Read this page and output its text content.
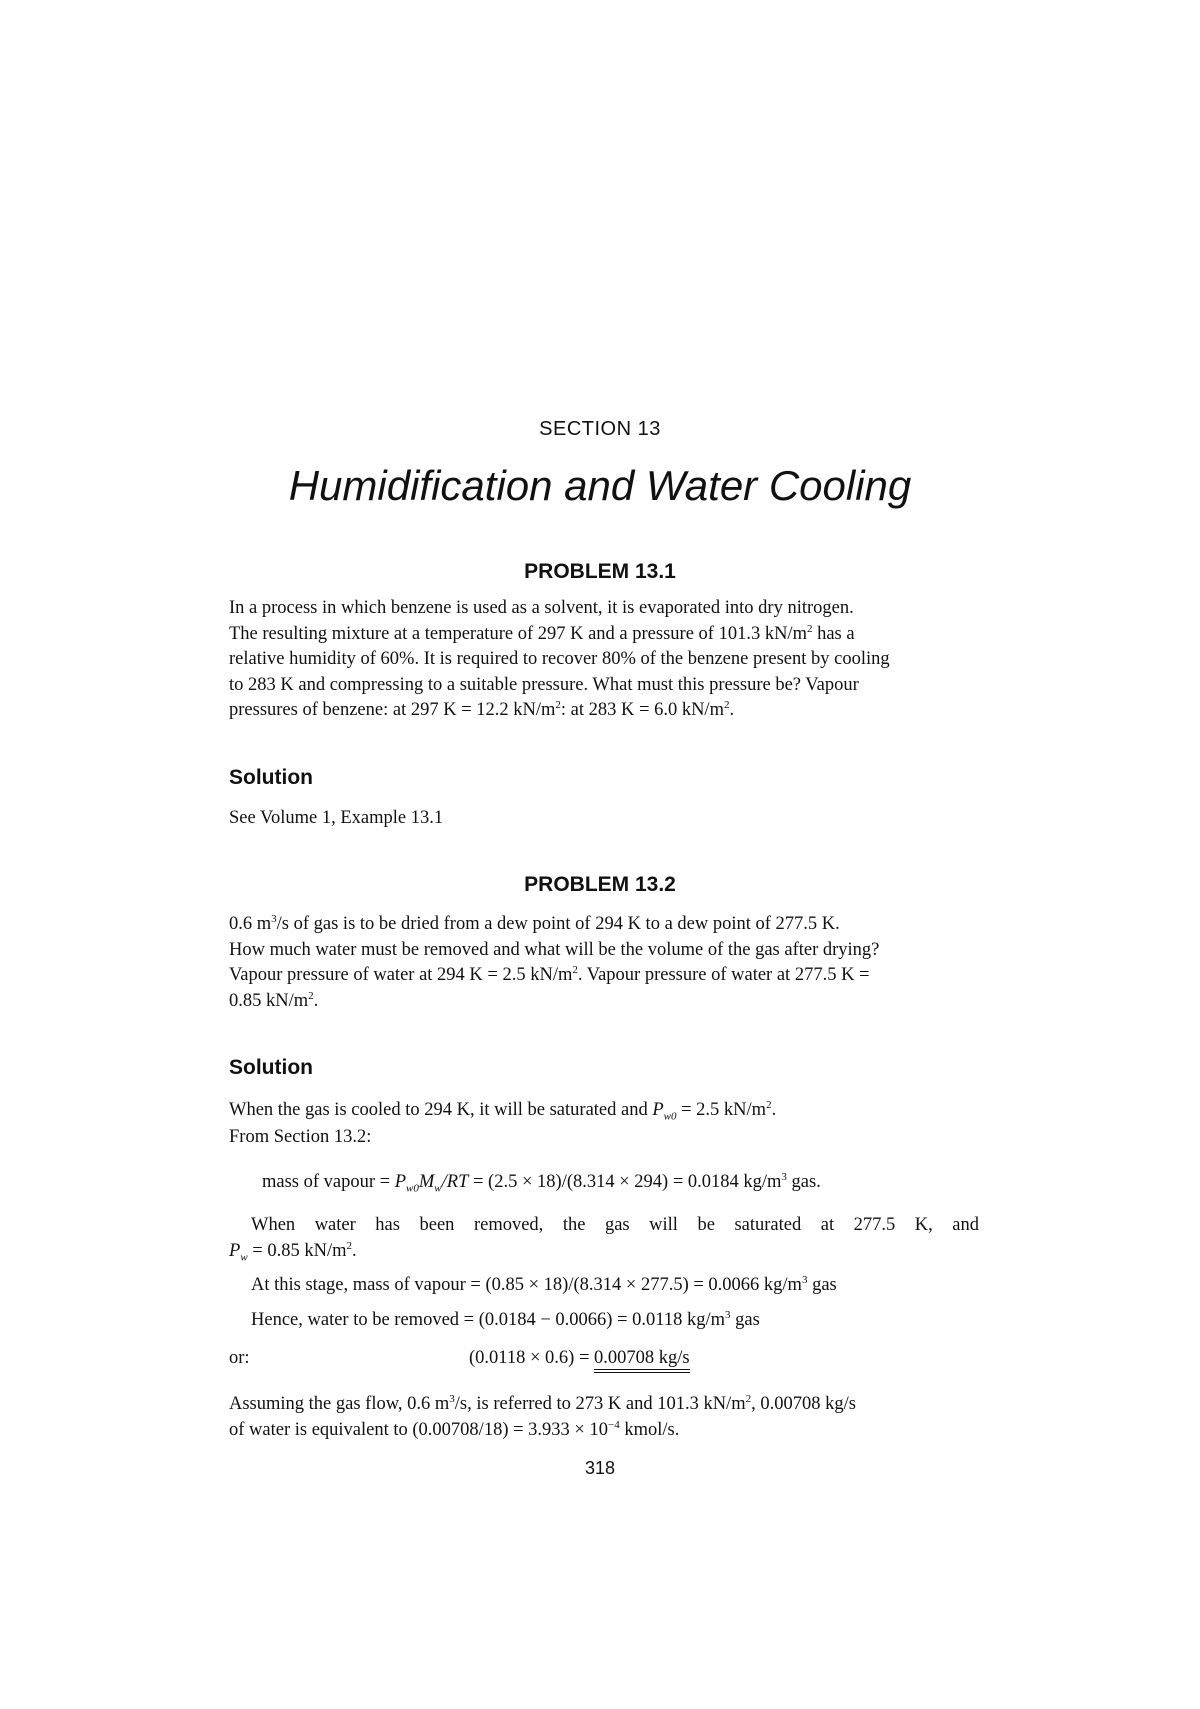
SECTION 13
Humidification and Water Cooling
PROBLEM 13.1
In a process in which benzene is used as a solvent, it is evaporated into dry nitrogen.
The resulting mixture at a temperature of 297 K and a pressure of 101.3 $kN/m^2$ has a
relative humidity of 60%. It is required to recover 80% of the benzene present by cooling
to 283 K and compressing to a suitable pressure. What must this pressure be? Vapour
pressures of benzene: at 297 K = 12.2 $kN/m^2$: at 283 K = 6.0 $kN/m^2$.
Solution
See Volume 1, Example 13.1
PROBLEM 13.2
0.6 $m^3/s$ of gas is to be dried from a dew point of 294 K to a dew point of 277.5 K.
How much water must be removed and what will be the volume of the gas after drying?
Vapour pressure of water at 294 K = 2.5 $kN/m^2$. Vapour pressure of water at 277.5 K =
0.85 $kN/m^2$.
Solution
When the gas is cooled to 294 K, it will be saturated and $P_{w0} = 2.5$ $kN/m^2$.
From Section 13.2:
mass of vapour = $P_{w0}M_w/RT = (2.5 \times 18)/(8.314 \times 294) = 0.0184$ $kg/m^3$ gas.
When water has been removed, the gas will be saturated at 277.5 K, and
$P_w = 0.85$ $kN/m^2$.
At this stage, mass of vapour = (0.85 × 18)/(8.314 × 277.5) = 0.0066 $kg/m^3$ gas
Hence, water to be removed = (0.0184 − 0.0066) = 0.0118 $kg/m^3$ gas
or:	(0.0118 × 0.6) = 0.00708 kg/s
Assuming the gas flow, 0.6 $m^3/s$, is referred to 273 K and 101.3 $kN/m^2$, 0.00708 kg/s
of water is equivalent to $(0.00708/18) = 3.933 \times 10^{-4}$ kmol/s.
318
